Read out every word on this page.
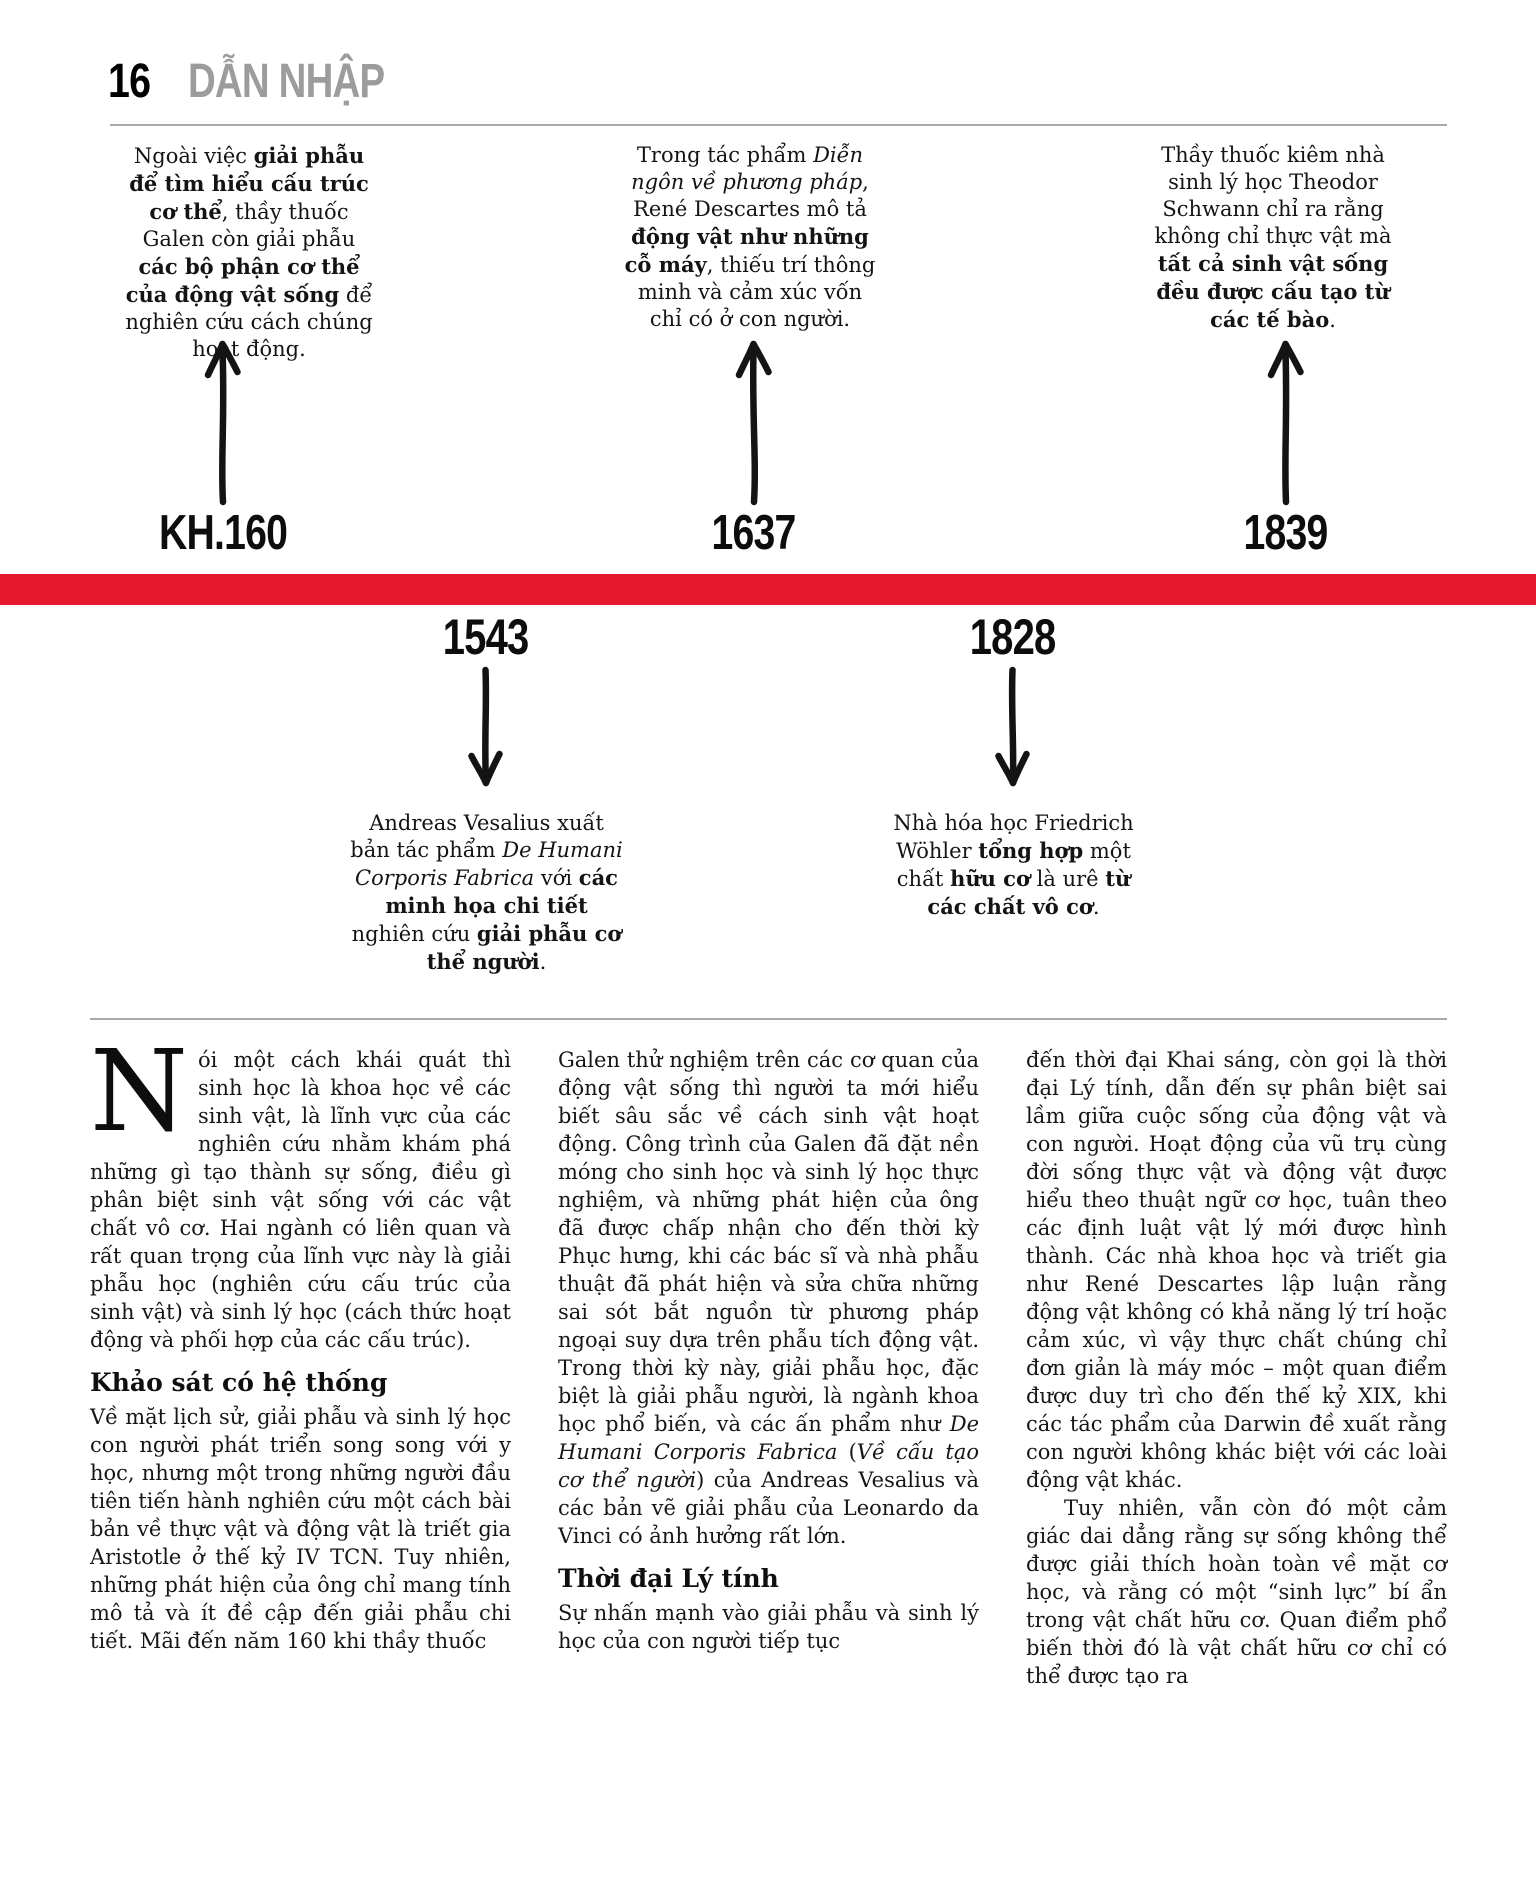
16 DẪN NHẬP
Ngoài việc giải phẫu để tìm hiểu cấu trúc cơ thể, thầy thuốc Galen còn giải phẫu các bộ phận cơ thể của động vật sống để nghiên cứu cách chúng hoạt động.
Trong tác phẩm Diễn ngôn về phương pháp, René Descartes mô tả động vật như những cỗ máy, thiếu trí thông minh và cảm xúc vốn chỉ có ở con người.
Thầy thuốc kiêm nhà sinh lý học Theodor Schwann chỉ ra rằng không chỉ thực vật mà tất cả sinh vật sống đều được cấu tạo từ các tế bào.
KH.160	1637	1839
1543	1828
Andreas Vesalius xuất bản tác phẩm De Humani Corporis Fabrica với các minh họa chi tiết nghiên cứu giải phẫu cơ thể người.
Nhà hóa học Friedrich Wöhler tổng hợp một chất hữu cơ là urê từ các chất vô cơ.

Nói một cách khái quát thì sinh học là khoa học về các sinh vật, là lĩnh vực của các nghiên cứu nhằm khám phá những gì tạo thành sự sống, điều gì phân biệt sinh vật sống với các vật chất vô cơ. Hai ngành có liên quan và rất quan trọng của lĩnh vực này là giải phẫu học (nghiên cứu cấu trúc của sinh vật) và sinh lý học (cách thức hoạt động và phối hợp của các cấu trúc).

Khảo sát có hệ thống

Về mặt lịch sử, giải phẫu và sinh lý học con người phát triển song song với y học, nhưng một trong những người đầu tiên tiến hành nghiên cứu một cách bài bản về thực vật và động vật là triết gia Aristotle ở thế kỷ IV TCN. Tuy nhiên, những phát hiện của ông chỉ mang tính mô tả và ít đề cập đến giải phẫu chi tiết. Mãi đến năm 160 khi thầy thuốc

Galen thử nghiệm trên các cơ quan của động vật sống thì người ta mới hiểu biết sâu sắc về cách sinh vật hoạt động. Công trình của Galen đã đặt nền móng cho sinh học và sinh lý học thực nghiệm, và những phát hiện của ông đã được chấp nhận cho đến thời kỳ Phục hưng, khi các bác sĩ và nhà phẫu thuật đã phát hiện và sửa chữa những sai sót bắt nguồn từ phương pháp ngoại suy dựa trên phẫu tích động vật. Trong thời kỳ này, giải phẫu học, đặc biệt là giải phẫu người, là ngành khoa học phổ biến, và các ấn phẩm như De Humani Corporis Fabrica (Về cấu tạo cơ thể người) của Andreas Vesalius và các bản vẽ giải phẫu của Leonardo da Vinci có ảnh hưởng rất lớn.

Thời đại Lý tính

Sự nhấn mạnh vào giải phẫu và sinh lý học của con người tiếp tục

đến thời đại Khai sáng, còn gọi là thời đại Lý tính, dẫn đến sự phân biệt sai lầm giữa cuộc sống của động vật và con người. Hoạt động của vũ trụ cùng đời sống thực vật và động vật được hiểu theo thuật ngữ cơ học, tuân theo các định luật vật lý mới được hình thành. Các nhà khoa học và triết gia như René Descartes lập luận rằng động vật không có khả năng lý trí hoặc cảm xúc, vì vậy thực chất chúng chỉ đơn giản là máy móc – một quan điểm được duy trì cho đến thế kỷ XIX, khi các tác phẩm của Darwin đề xuất rằng con người không khác biệt với các loài động vật khác.

Tuy nhiên, vẫn còn đó một cảm giác dai dẳng rằng sự sống không thể được giải thích hoàn toàn về mặt cơ học, và rằng có một “sinh lực” bí ẩn trong vật chất hữu cơ. Quan điểm phổ biến thời đó là vật chất hữu cơ chỉ có thể được tạo ra
